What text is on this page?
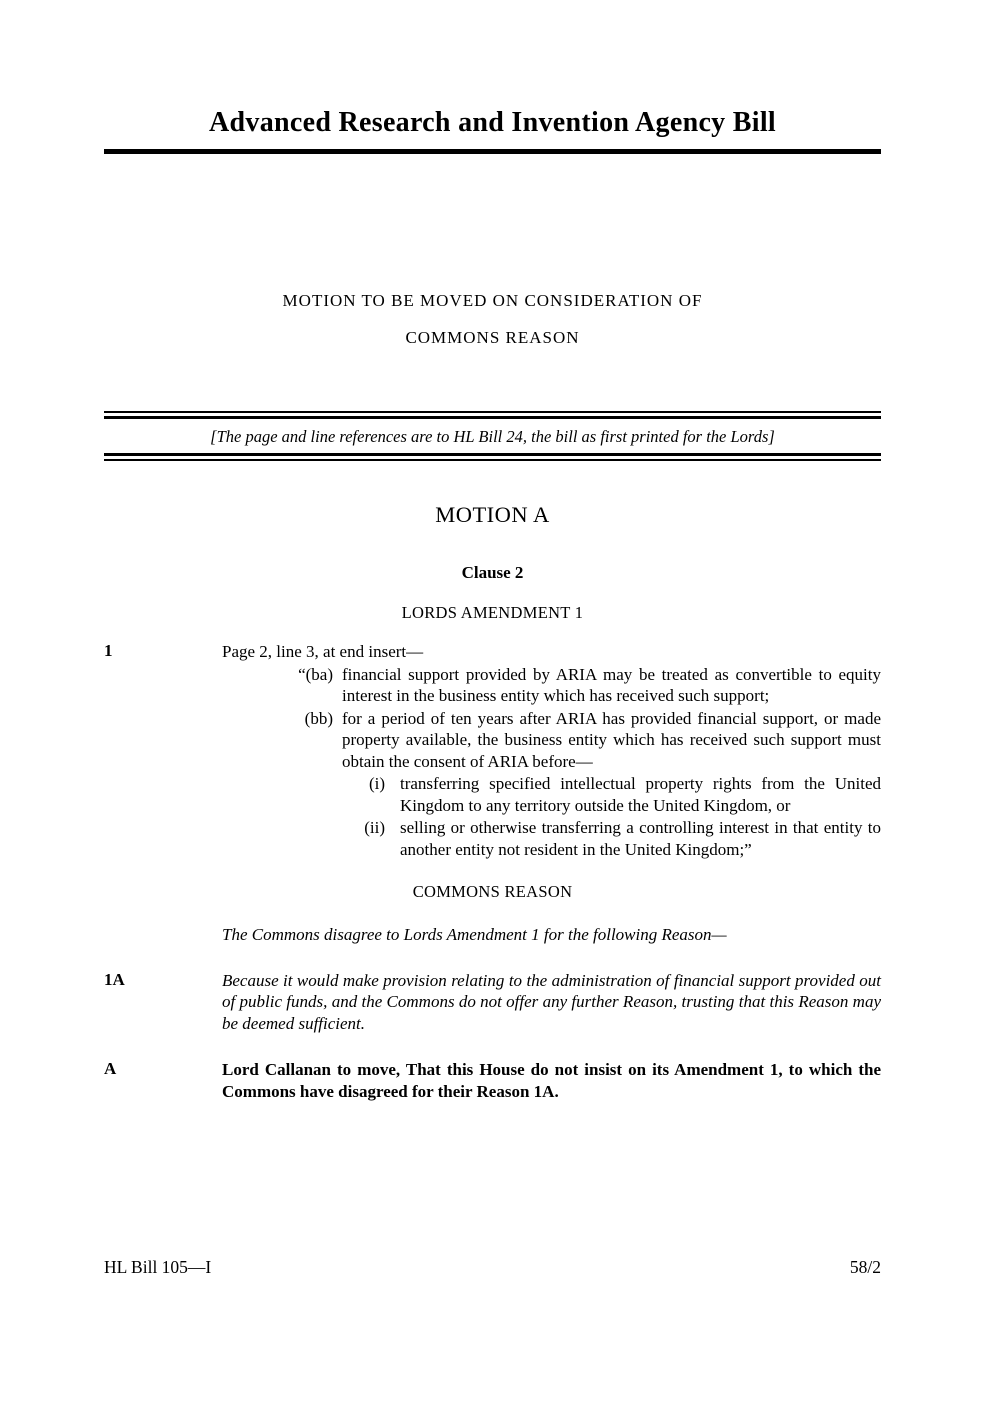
Advanced Research and Invention Agency Bill

MOTION TO BE MOVED ON CONSIDERATION OF

COMMONS REASON

[The page and line references are to HL Bill 24, the bill as first printed for the Lords]

MOTION A
Clause 2
LORDS AMENDMENT 1
1	Page 2, line 3, at end insert—

“(ba) financial support provided by ARIA may be treated as convertible to equity interest in the business entity which has received such support;
(bb) for a period of ten years after ARIA has provided financial support, or made property available, the business entity which has received such support must obtain the consent of ARIA before—
(i) transferring specified intellectual property rights from the United Kingdom to any territory outside the United Kingdom, or
(ii) selling or otherwise transferring a controlling interest in that entity to another entity not resident in the United Kingdom;”
COMMONS REASON

The Commons disagree to Lords Amendment 1 for the following Reason—

1A	Because it would make provision relating to the administration of financial support provided out of public funds, and the Commons do not offer any further Reason, trusting that this Reason may be deemed sufficient.
A	Lord Callanan to move, That this House do not insist on its Amendment 1, to which the Commons have disagreed for their Reason 1A.
HL Bill 105—I	58/2
